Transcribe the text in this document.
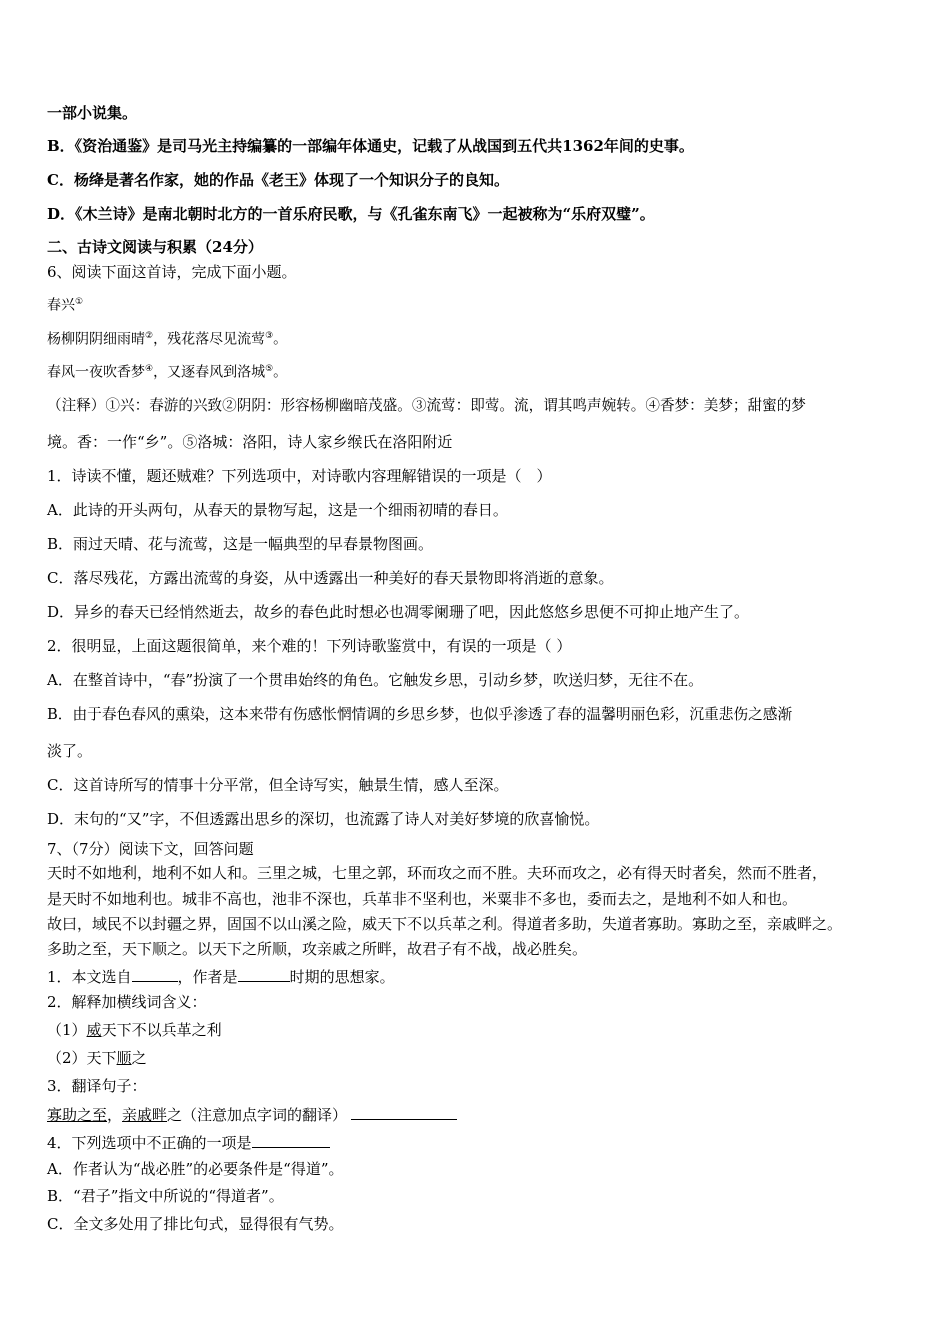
一部小说集。
B．《资治通鉴》是司马光主持编纂的一部编年体通史，记载了从战国到五代共1362年间的史事。
C．杨绛是著名作家，她的作品《老王》体现了一个知识分子的良知。
D．《木兰诗》是南北朝时北方的一首乐府民歌，与《孔雀东南飞》一起被称为“乐府双璧”。
二、古诗文阅读与积累（24分）
6、阅读下面这首诗，完成下面小题。
春兴①
杨柳阴阴细雨晴②，残花落尽见流莺③。
春风一夜吹香梦④，又逐春风到洛城⑤。
（注释）①兴：春游的兴致②阴阴：形容杨柳幽暗茂盛。③流莺：即莺。流，谓其鸣声婉转。④香梦：美梦；甜蜜的梦
境。香：一作“乡”。⑤洛城：洛阳，诗人家乡缑氏在洛阳附近
1．诗读不懂，题还贼难？下列选项中，对诗歌内容理解错误的一项是（　）
A．此诗的开头两句，从春天的景物写起，这是一个细雨初晴的春日。
B．雨过天晴、花与流莺，这是一幅典型的早春景物图画。
C．落尽残花，方露出流莺的身姿，从中透露出一种美好的春天景物即将消逝的意象。
D．异乡的春天已经悄然逝去，故乡的春色此时想必也凋零阑珊了吧，因此悠悠乡思便不可抑止地产生了。
2．很明显，上面这题很简单，来个难的！下列诗歌鉴赏中，有误的一项是（ ）
A．在整首诗中，“春”扮演了一个贯串始终的角色。它触发乡思，引动乡梦，吹送归梦，无往不在。
B．由于春色春风的熏染，这本来带有伤感怅惘情调的乡思乡梦，也似乎渗透了春的温馨明丽色彩，沉重悲伤之感渐
淡了。
C．这首诗所写的情事十分平常，但全诗写实，触景生情，感人至深。
D．末句的“又”字，不但透露出思乡的深切，也流露了诗人对美好梦境的欣喜愉悦。
7、（7分）阅读下文，回答问题
天时不如地利，地利不如人和。三里之城，七里之郭，环而攻之而不胜。夫环而攻之，必有得天时者矣，然而不胜者，
是天时不如地利也。城非不高也，池非不深也，兵革非不坚利也，米粟非不多也，委而去之，是地利不如人和也。
故曰，域民不以封疆之界，固国不以山溪之险，威天下不以兵革之利。得道者多助，失道者寡助。寡助之至，亲戚畔之。
多助之至，天下顺之。以天下之所顺，攻亲戚之所畔，故君子有不战，战必胜矣。
1．本文选自	，作者是	时期的思想家。
2．解释加横线词含义：
（1）威天下不以兵革之利
（2）天下顺之
3．翻译句子：
寡助之至，亲戚畔之（注意加点字词的翻译）
4．下列选项中不正确的一项是
A．作者认为“战必胜”的必要条件是“得道”。
B．“君子”指文中所说的“得道者”。
C．全文多处用了排比句式，显得很有气势。
